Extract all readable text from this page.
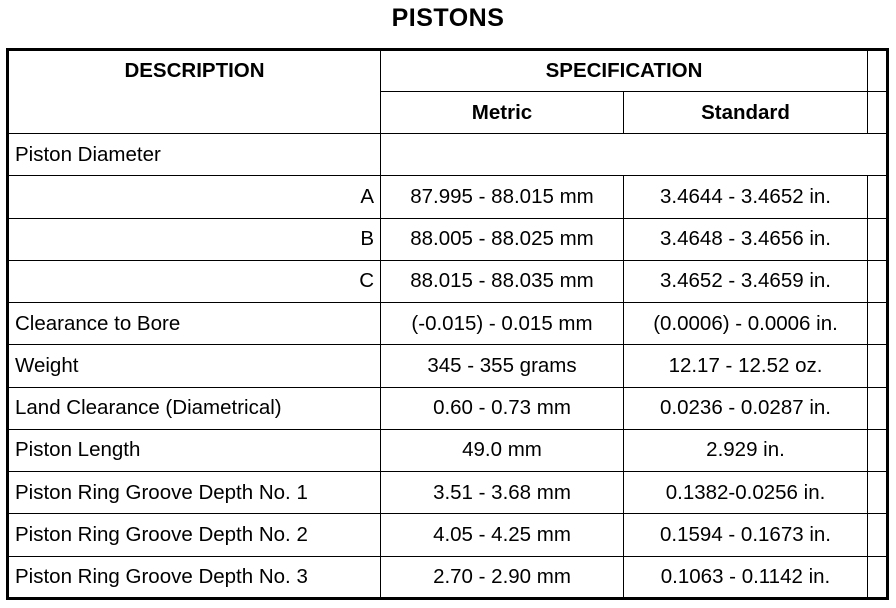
PISTONS
DESCRIPTION	SPECIFICATION		
	Metric	Standard	
Piston Diameter			
A	87.995 - 88.015 mm	3.4644 - 3.4652 in.	
B	88.005 - 88.025 mm	3.4648 - 3.4656 in.	
C	88.015 - 88.035 mm	3.4652 - 3.4659 in.	
Clearance to Bore	(-0.015) - 0.015 mm	(0.0006) - 0.0006 in.	
Weight	345 - 355 grams	12.17 - 12.52 oz.	
Land Clearance (Diametrical)	0.60 - 0.73 mm	0.0236 - 0.0287 in.	
Piston Length	49.0 mm	2.929 in.	
Piston Ring Groove Depth No. 1	3.51 - 3.68 mm	0.1382-0.0256 in.	
Piston Ring Groove Depth No. 2	4.05 - 4.25 mm	0.1594 - 0.1673 in.	
Piston Ring Groove Depth No. 3	2.70 - 2.90 mm	0.1063 - 0.1142 in.	
